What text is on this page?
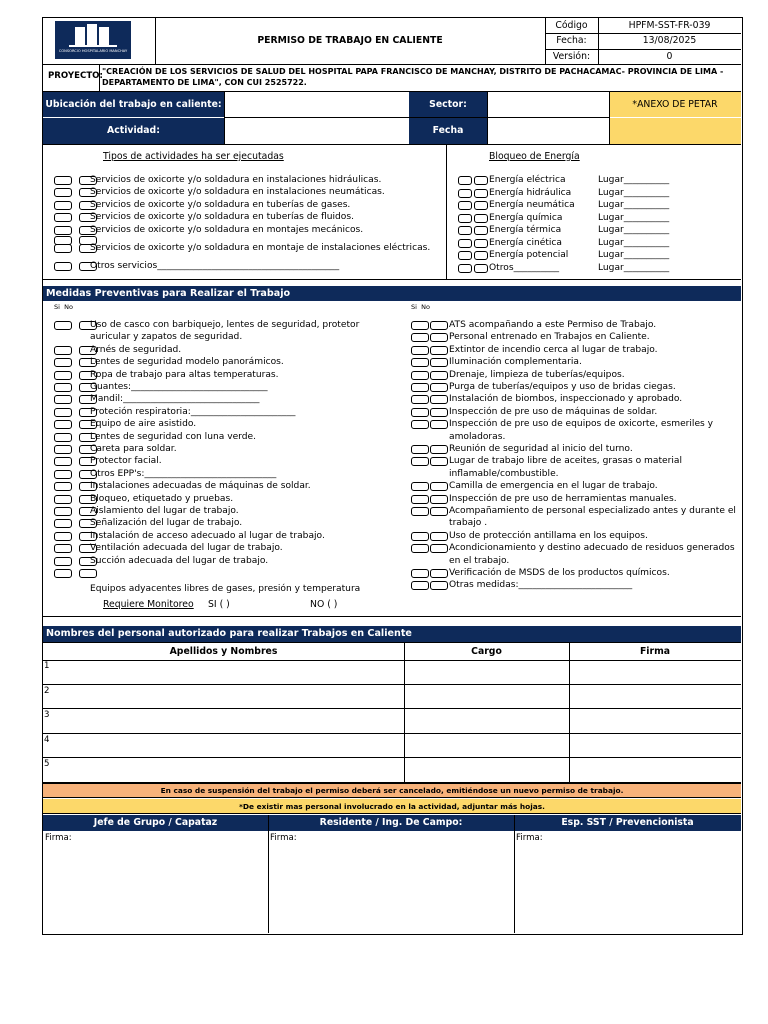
CONSORCIO HOSPITALARIO MANCHAY
PERMISO DE TRABAJO EN CALIENTE
Código	HPFM-SST-FR-039
Fecha:	13/08/2025
Versión:	0
PROYECTO: "CREACIÓN DE LOS SERVICIOS DE SALUD DEL HOSPITAL PAPA FRANCISCO DE MANCHAY, DISTRITO DE PACHACAMAC- PROVINCIA DE LIMA -
DEPARTAMENTO DE LIMA", CON CUI 2525722.
Ubicación del trabajo en caliente:	Sector:	*ANEXO DE PETAR
Actividad:	Fecha
Tipos de actividades ha ser ejecutadas
Servicios de oxicorte y/o soldadura en instalaciones hidráulicas.
Servicios de oxicorte y/o soldadura en instalaciones neumáticas.
Servicios de oxicorte y/o soldadura en tuberías de gases.
Servicios de oxicorte y/o soldadura en tuberías de fluidos.
Servicios de oxicorte y/o soldadura en montajes mecánicos.
Servicios de oxicorte y/o soldadura en montaje de instalaciones eléctricas.
Otros servicios________________________________________
Bloqueo de Energía
Energía eléctrica	Lugar__________
Energía hidráulica	Lugar__________
Energía neumática	Lugar__________
Energía química	Lugar__________
Energía térmica	Lugar__________
Energía cinética	Lugar__________
Energía potencial	Lugar__________
Otros__________	Lugar__________
Medidas Preventivas para Realizar el Trabajo
Si No	Si No
Uso de casco con barbiquejo, lentes de seguridad, protetor
auricular y zapatos de seguridad.
Arnés de seguridad.
Lentes de seguridad modelo panorámicos.
Ropa de trabajo para altas temperaturas.
Guantes:______________________________
Mandil:______________________________
Proteción respiratoria:_______________________
Equipo de aire asistido.
Lentes de seguridad con luna verde.
Careta para soldar.
Protector facial.
Otros EPP's:_____________________________
Instalaciones adecuadas de máquinas de soldar.
Bloqueo, etiquetado y pruebas.
Aislamiento del lugar de trabajo.
Señalización del lugar de trabajo.
Instalación de acceso adecuado al lugar de trabajo.
Ventilación adecuada del lugar de trabajo.
Succión adecuada del lugar de trabajo.
Equipos adyacentes libres de gases, presión y temperatura
ATS acompañando a este Permiso de Trabajo.
Personal entrenado en Trabajos en Caliente.
Extintor de incendio cerca al lugar de trabajo.
Iluminación complementaria.
Drenaje, limpieza de tuberías/equipos.
Purga de tuberías/equipos y uso de bridas ciegas.
Instalación de biombos, inspeccionado y aprobado.
Inspección de pre uso de máquinas de soldar.
Inspección de pre uso de equipos de oxicorte, esmeriles y
amoladoras.
Reunión de seguridad al inicio del turno.
Lugar de trabajo libre de aceites, grasas o material
inflamable/combustible.
Camilla de emergencia en el lugar de trabajo.
Inspección de pre uso de herramientas manuales.
Acompañamiento de personal especializado antes y durante el
trabajo .
Uso de protección antillama en los equipos.
Acondicionamiento y destino adecuado de residuos generados
en el trabajo.
Verificación de MSDS de los productos químicos.
Otras medidas:_________________________
Requiere Monitoreo SI ( )	NO ( )
Nombres del personal autorizado para realizar Trabajos en Caliente
Apellidos y Nombres	Cargo	Firma
1
2
3
4
5
En caso de suspensión del trabajo el permiso deberá ser cancelado, emitiéndose un nuevo permiso de trabajo.
*De existir mas personal involucrado en la actividad, adjuntar más hojas.
Jefe de Grupo / Capataz	Residente / Ing. De Campo:	Esp. SST / Prevencionista
Firma:	Firma:	Firma:
